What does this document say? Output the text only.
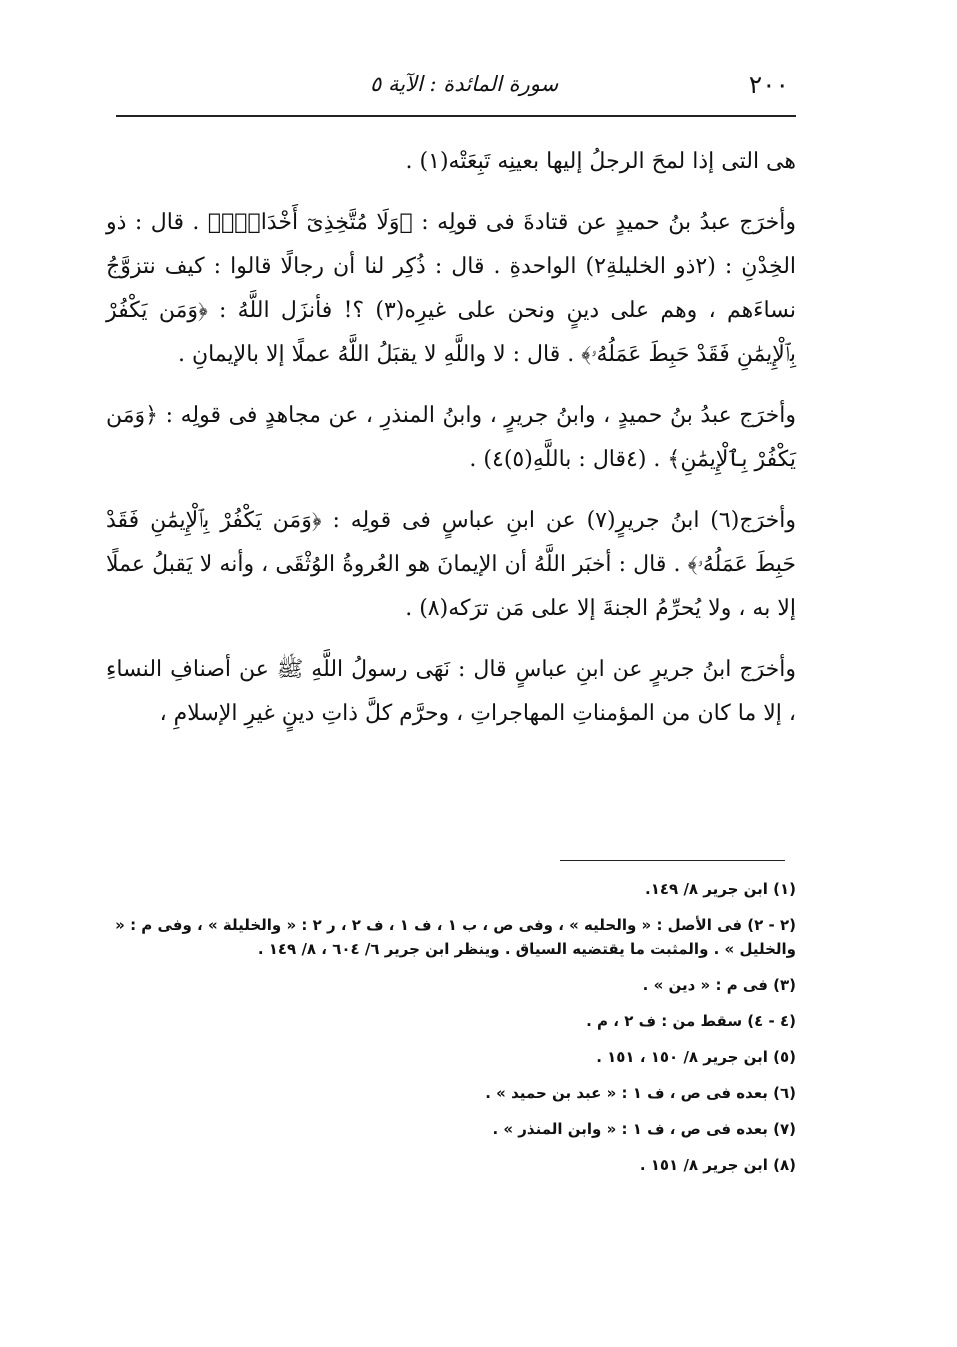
٢٠٠
سورة المائدة : الآية ٥

هى التى إذا لمحَ الرجلُ إليها بعينِه تَبِعَتْه(١) .

وأخرَج عبدُ بنُ حميدٍ عن قتادةَ فى قولِه : ﴿وَلَا مُتَّخِذِىٓ أَخْدَانٍۗ﴾ . قال : ذو الخِدْنِ : (٢ذو الخليلةِ٢) الواحدةِ . قال : ذُكِر لنا أن رجالًا قالوا : كيف نتزوَّجُ نساءَهم ، وهم على دينٍ ونحن على غيرِه(٣) ؟! فأنزَل اللَّهُ : ﴿وَمَن يَكْفُرْ بِٱلْإِيمَٰنِ فَقَدْ حَبِطَ عَمَلُهُۥ﴾ . قال : لا واللَّهِ لا يقبَلُ اللَّهُ عملًا إلا بالإيمانِ .

وأخرَج عبدُ بنُ حميدٍ ، وابنُ جريرٍ ، وابنُ المنذرِ ، عن مجاهدٍ فى قولِه : ﴿وَمَن يَكْفُرْ بِٱلْإِيمَٰنِ﴾ . (٤قال : باللَّهِ(٥)٤) .

وأخرَج(٦) ابنُ جريرٍ(٧) عن ابنِ عباسٍ فى قولِه : ﴿وَمَن يَكْفُرْ بِٱلْإِيمَٰنِ فَقَدْ حَبِطَ عَمَلُهُۥ﴾ . قال : أخبَر اللَّهُ أن الإيمانَ هو العُروةُ الوُثْقَى ، وأنه لا يَقبلُ عملًا إلا به ، ولا يُحرِّمُ الجنةَ إلا على مَن ترَكه(٨) .

وأخرَج ابنُ جريرٍ عن ابنِ عباسٍ قال : نَهَى رسولُ اللَّهِ ﷺ عن أصنافِ النساءِ ، إلا ما كان من المؤمناتِ المهاجراتِ ، وحرَّم كلَّ ذاتِ دينٍ غيرِ الإسلامِ ،

(١) ابن جرير ٨/ ١٤٩.
(٢ - ٢) فى الأصل : « والحليه » ، وفى ص ، ب ١ ، ف ١ ، ف ٢ ، ر ٢ : « والخليلة » ، وفى م : « والخليل » . والمثبت ما يقتضيه السياق . وينظر ابن جرير ٦/ ٦٠٤ ، ٨/ ١٤٩ .
(٣) فى م : « دين » .
(٤ - ٤) سقط من : ف ٢ ، م .
(٥) ابن جرير ٨/ ١٥٠ ، ١٥١ .
(٦) بعده فى ص ، ف ١ : « عبد بن حميد » .
(٧) بعده فى ص ، ف ١ : « وابن المنذر » .
(٨) ابن جرير ٨/ ١٥١ .
